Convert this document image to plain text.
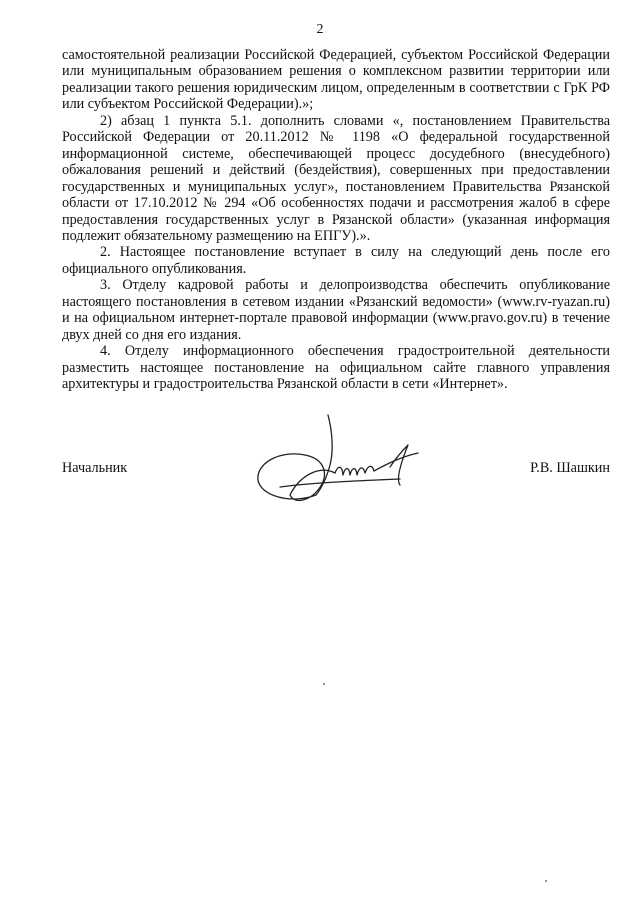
2

самостоятельной реализации Российской Федерацией, субъектом Российской Федерации или муниципальным образованием решения о комплексном развитии территории или реализации такого решения юридическим лицом, определенным в соответствии с ГрК РФ или субъектом Российской Федерации).»;

2) абзац 1 пункта 5.1. дополнить словами «, постановлением Правительства Российской Федерации от 20.11.2012 № 1198 «О федеральной государственной информационной системе, обеспечивающей процесс досудебного (внесудебного) обжалования решений и действий (бездействия), совершенных при предоставлении государственных и муниципальных услуг», постановлением Правительства Рязанской области от 17.10.2012 № 294 «Об особенностях подачи и рассмотрения жалоб в сфере предоставления государственных услуг в Рязанской области» (указанная информация подлежит обязательному размещению на ЕПГУ).».

2. Настоящее постановление вступает в силу на следующий день после его официального опубликования.

3. Отделу кадровой работы и делопроизводства обеспечить опубликование настоящего постановления в сетевом издании «Рязанский ведомости» (www.rv-ryazan.ru) и на официальном интернет-портале правовой информации (www.pravo.gov.ru) в течение двух дней со дня его издания.

4. Отделу информационного обеспечения градостроительной деятельности разместить настоящее постановление на официальном сайте главного управления архитектуры и градостроительства Рязанской области в сети «Интернет».

Начальник	Р.В. Шашкин
